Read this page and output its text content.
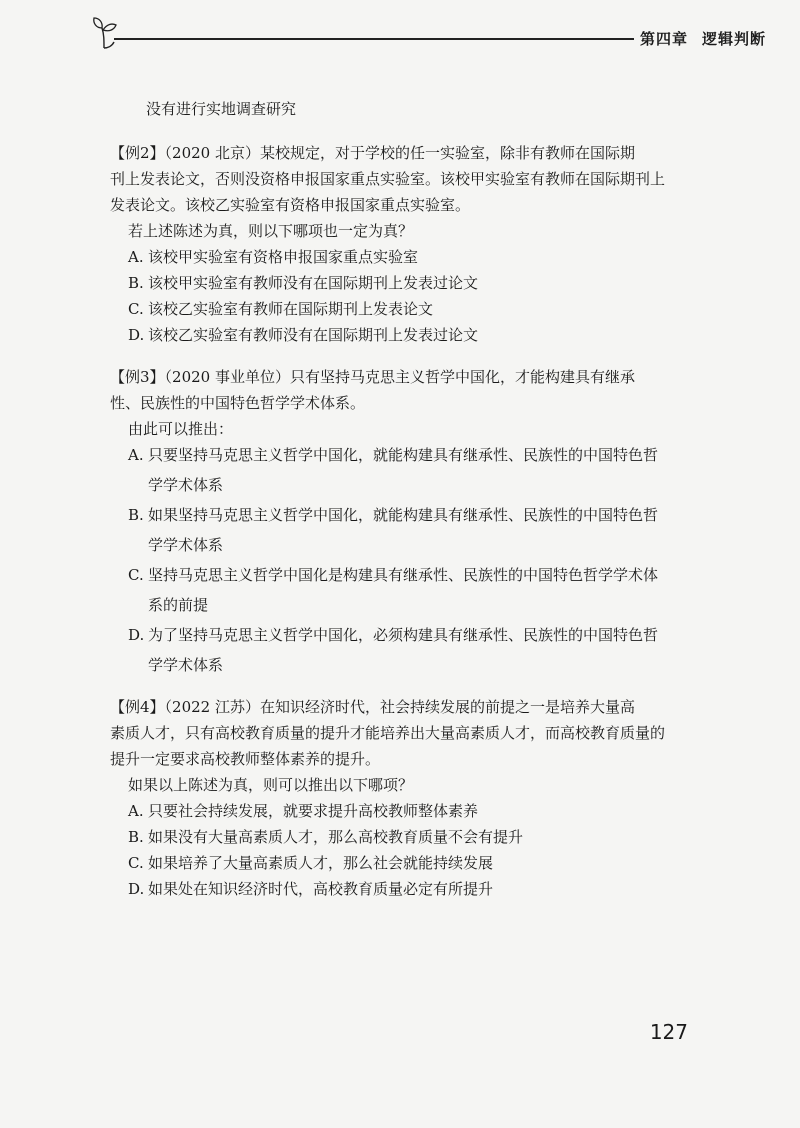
第四章 逻辑判断

没有进行实地调查研究

【例2】（2020 北京）某校规定，对于学校的任一实验室，除非有教师在国际期

刊上发表论文，否则没资格申报国家重点实验室。该校甲实验室有教师在国际期刊上

发表论文。该校乙实验室有资格申报国家重点实验室。

若上述陈述为真，则以下哪项也一定为真？

A. 该校甲实验室有资格申报国家重点实验室
B. 该校甲实验室有教师没有在国际期刊上发表过论文
C. 该校乙实验室有教师在国际期刊上发表论文
D. 该校乙实验室有教师没有在国际期刊上发表过论文

【例3】（2020 事业单位）只有坚持马克思主义哲学中国化，才能构建具有继承

性、民族性的中国特色哲学学术体系。

由此可以推出：

A. 只要坚持马克思主义哲学中国化，就能构建具有继承性、民族性的中国特色哲
学学术体系
B. 如果坚持马克思主义哲学中国化，就能构建具有继承性、民族性的中国特色哲
学学术体系
C. 坚持马克思主义哲学中国化是构建具有继承性、民族性的中国特色哲学学术体
系的前提
D. 为了坚持马克思主义哲学中国化，必须构建具有继承性、民族性的中国特色哲
学学术体系

【例4】（2022 江苏）在知识经济时代，社会持续发展的前提之一是培养大量高

素质人才，只有高校教育质量的提升才能培养出大量高素质人才，而高校教育质量的

提升一定要求高校教师整体素养的提升。

如果以上陈述为真，则可以推出以下哪项？

A. 只要社会持续发展，就要求提升高校教师整体素养
B. 如果没有大量高素质人才，那么高校教育质量不会有提升
C. 如果培养了大量高素质人才，那么社会就能持续发展
D. 如果处在知识经济时代，高校教育质量必定有所提升
127
